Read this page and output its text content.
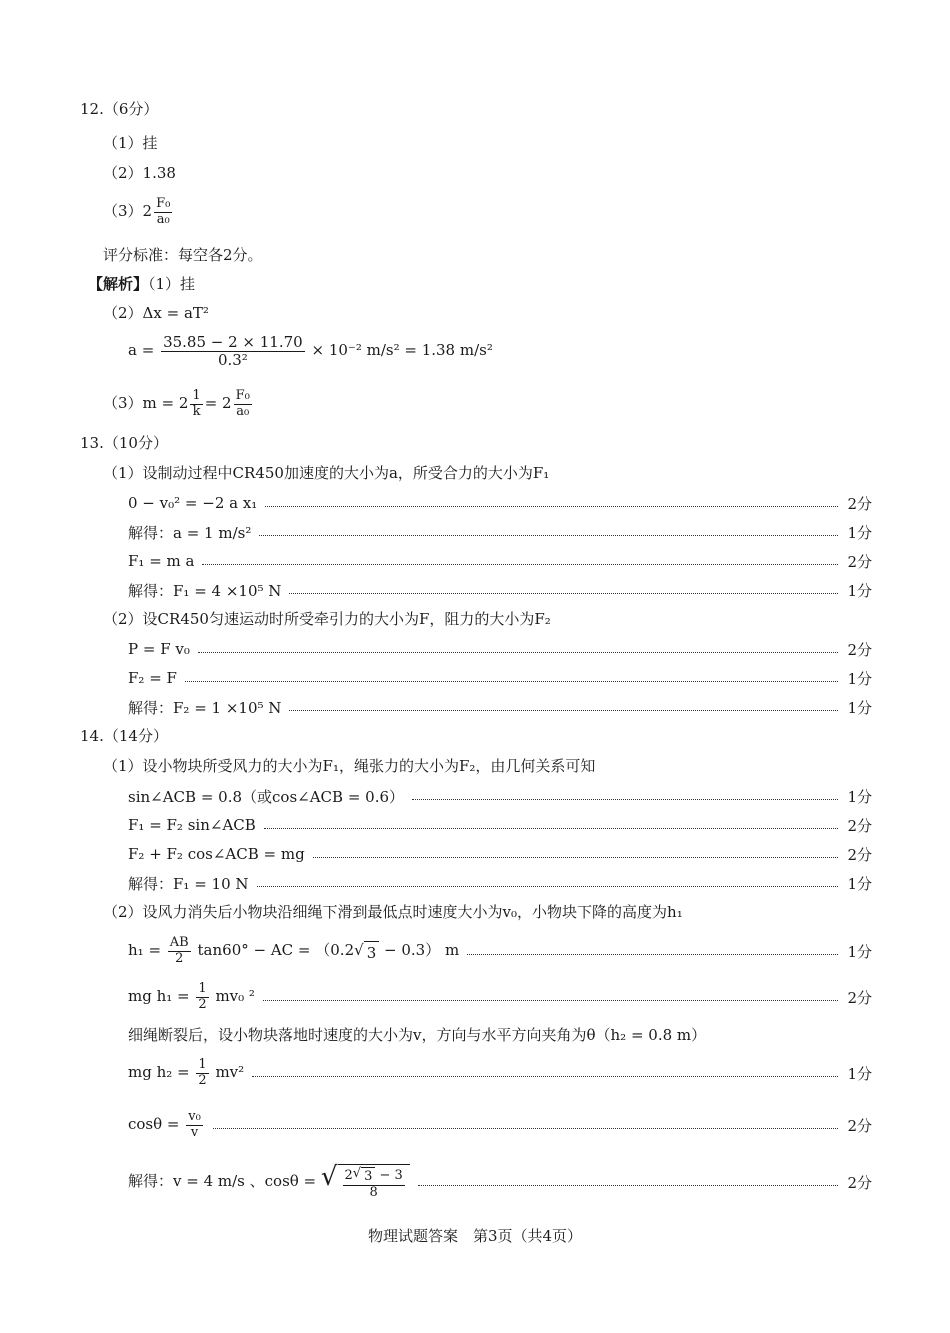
12.（6分）
（1）挂
（2）1.38
$(3)2 \frac{\text{F₀}}{\text{a₀}}$
评分标准：每空各2分。
【解析】（1）挂
（2）Δx = aT²
$a = \frac{35.85 - 2 \times 11.70}{\text{0.3²}} \times 10^{-2}$ m/s² = 1.38 m/s²
$(3)m = 2 \frac{1}{k} = 2 \frac{\text{F₀}}{\text{a₀}}$
13.（10分）
（1）设制动过程中CR450加速度的大小为a，所受合力的大小为F₁
0 − v₀² = −2 a x₁	2分
解得：a = 1 m/s²	1分
F₁ = m a	2分
解得：F₁ = 4 ×10⁵ N	1分
（2）设CR450匀速运动时所受牵引力的大小为F，阻力的大小为F₂
P = F v₀	2分
F₂ = F	1分
解得：F₂ = 1 ×10⁵ N	1分
14.（14分）
（1）设小物块所受风力的大小为F₁，绳张力的大小为F₂，由几何关系可知
sin∠ACB = 0.8（或cos∠ACB = 0.6）	1分
F₁ = F₂ sin∠ACB	2分
F₂ + F₂ cos∠ACB = mg	2分
解得：F₁ = 10 N	1分
（2）设风力消失后小物块沿细绳下滑到最低点时速度大小为v₀，小物块下降的高度为h₁
$h_1 = \frac{AB}{2} \tan 60^\circ$ − AC = （0.2 √ 3 − 0.3） m	1分
mg $h_1 = \frac{1}{2} mv_0$ ²	2分
细绳断裂后，设小物块落地时速度的大小为v，方向与水平方向夹角为θ（h₂ = 0.8 m）
mg $h_2 = \frac{1}{2} mv^2$	1分
$\cos\theta = \frac{\text{v₀}}{v}$	2分
解得：v = 4 m/s 、cosθ = √ $\frac{2 √ 3 - 3}{8}$	2分
物理试题答案　第3页（共4页）
